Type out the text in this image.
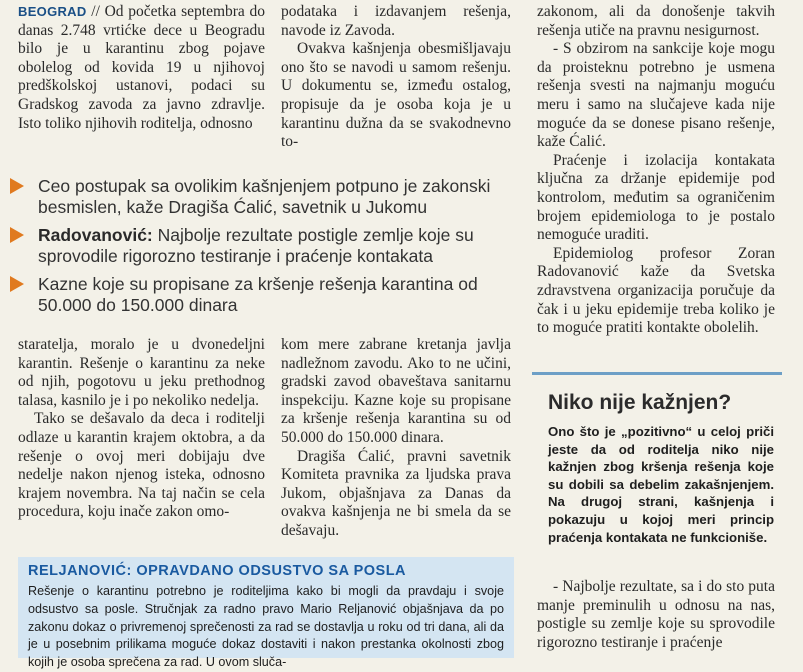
BEOGRAD // Od početka septembra do danas 2.748 vrtićke dece u Beogradu bilo je u karantinu zbog pojave obolelog od kovida 19 u njihovoj predškolskoj ustanovi, podaci su Gradskog zavoda za javno zdravlje. Isto toliko njihovih roditelja, odnosno

podataka i izdavanjem rešenja, navode iz Zavoda.

Ovakva kašnjenja obesmišljavaju ono što se navodi u samom rešenju. U dokumentu se, između ostalog, propisuje da je osoba koja je u karantinu dužna da se svakodnevno to-

Ceo postupak sa ovolikim kašnjenjem potpuno je zakonski besmislen, kaže Dragiša Ćalić, savetnik u Jukomu
Radovanović: Najbolje rezultate postigle zemlje koje su sprovodile rigorozno testiranje i praćenje kontakata
Kazne koje su propisane za kršenje rešenja karantina od 50.000 do 150.000 dinara

staratelja, moralo je u dvonedeljni karantin. Rešenje o karantinu za neke od njih, pogotovu u jeku prethodnog talasa, kasnilo je i po nekoliko nedelja.

Tako se dešavalo da deca i roditelji odlaze u karantin krajem oktobra, a da rešenje o ovoj meri dobijaju dve nedelje nakon njenog isteka, odnosno krajem novembra. Na taj način se cela procedura, koju inače zakon omo-

kom mere zabrane kretanja javlja nadležnom zavodu. Ako to ne učini, gradski zavod obaveštava sanitarnu inspekciju. Kazne koje su propisane za kršenje rešenja karantina su od 50.000 do 150.000 dinara.

Dragiša Ćalić, pravni savetnik Komiteta pravnika za ljudska prava Jukom, objašnjava za Danas da ovakva kašnjenja ne bi smela da se dešavaju.

zakonom, ali da donošenje takvih rešenja utiče na pravnu nesigurnost.

- S obzirom na sankcije koje mogu da proisteknu potrebno je usmena rešenja svesti na najmanju moguću meru i samo na slučajeve kada nije moguće da se donese pisano rešenje, kaže Ćalić.

Praćenje i izolacija kontakata ključna za držanje epidemije pod kontrolom, međutim sa ograničenim brojem epidemiologa to je postalo nemoguće uraditi.

Epidemiolog profesor Zoran Radovanović kaže da Svetska zdravstvena organizacija poručuje da čak i u jeku epidemije treba koliko je to moguće pratiti kontakte obolelih.

Niko nije kažnjen?
Ono što je „pozitivno“ u celoj priči jeste da od roditelja niko nije kažnjen zbog kršenja rešenja koje su dobili sa debelim zakašnjenjem. Na drugoj strani, kašnjenja i pokazuju u kojoj meri princip praćenja kontakata ne funkcioniše.
RELJANOVIĆ: OPRAVDANO ODSUSTVO SA POSLA
Rešenje o karantinu potrebno je roditeljima kako bi mogli da pravdaju i svoje odsustvo sa posle. Stručnjak za radno pravo Mario Reljanović objašnjava da po zakonu dokaz o privremenoj sprečenosti za rad se dostavlja u roku od tri dana, ali da je u posebnim prilikama moguće dokaz dostaviti i nakon prestanka okolnosti zbog kojih je osoba sprečena za rad. U ovom sluča-

- Najbolje rezultate, sa i do sto puta manje preminulih u odnosu na nas, postigle su zemlje koje su sprovodile rigorozno testiranje i praćenje
